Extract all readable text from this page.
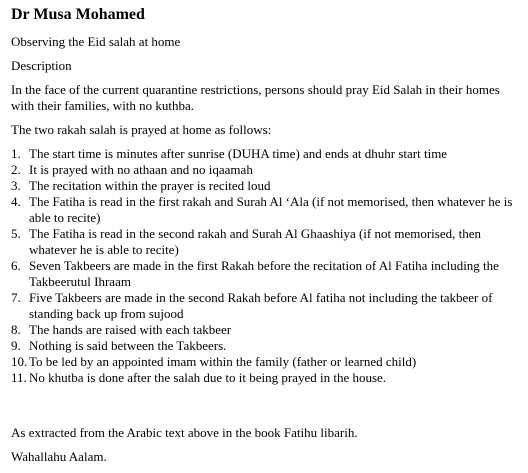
Dr Musa Mohamed

Observing the Eid salah at home

Description

In the face of the current quarantine restrictions, persons should pray Eid Salah in their homes with their families, with no kuthba.

The two rakah salah is prayed at home as follows:

1. The start time is minutes after sunrise (DUHA time) and ends at dhuhr start time
2. It is prayed with no athaan and no iqaamah
3. The recitation within the prayer is recited loud
4. The Fatiha is read in the first rakah and Surah Al ‘Ala (if not memorised, then whatever he is able to recite)
5. The Fatiha is read in the second rakah and Surah Al Ghaashiya (if not memorised, then whatever he is able to recite)
6. Seven Takbeers are made in the first Rakah before the recitation of Al Fatiha including the Takbeerutul Ihraam
7. Five Takbeers are made in the second Rakah before Al fatiha not including the takbeer of standing back up from sujood
8. The hands are raised with each takbeer
9. Nothing is said between the Takbeers.
10. To be led by an appointed imam within the family (father or learned child)
11. No khutba is done after the salah due to it being prayed in the house.

As extracted from the Arabic text above in the book Fatihu libarih.

Wahallahu Aalam.
